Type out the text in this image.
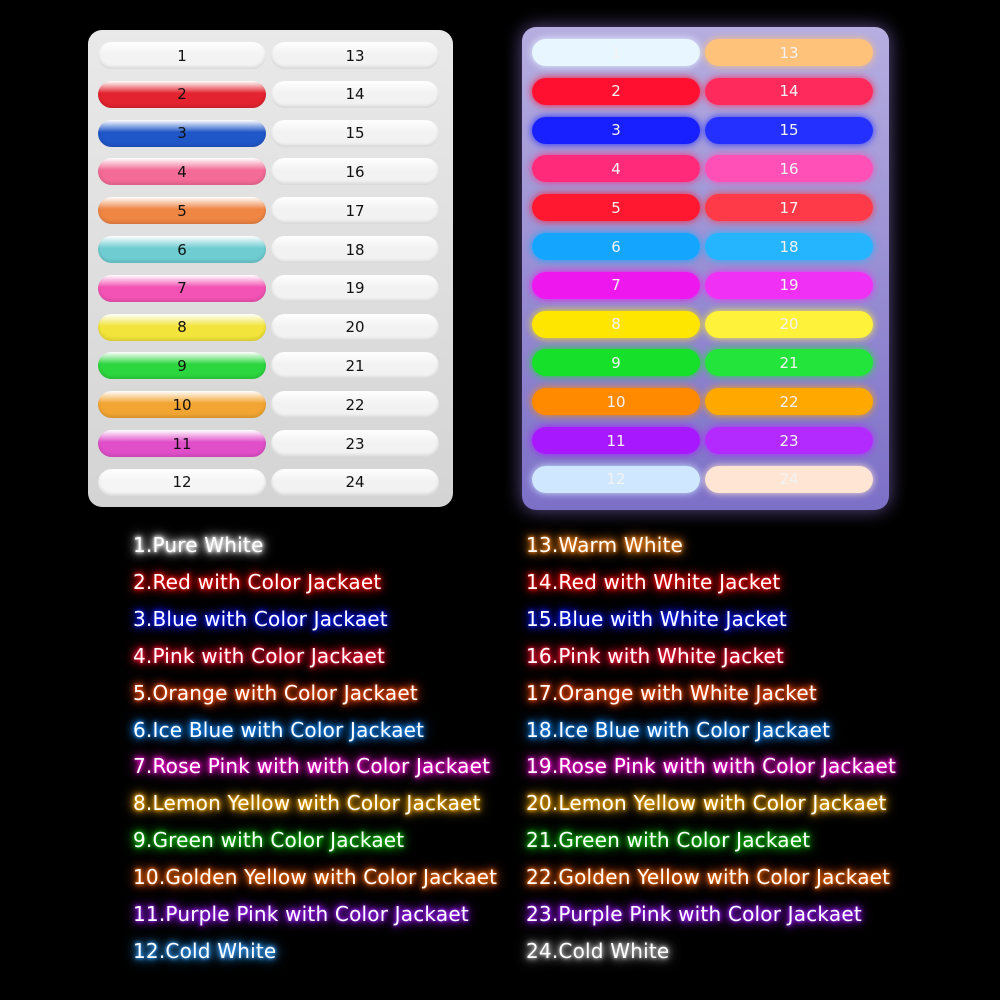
1
2
3
4
5
6
7
8
9
10
11
12
13
14
15
16
17
18
19
20
21
22
23
24
1
2
3
4
5
6
7
8
9
10
11
12
13
14
15
16
17
18
19
20
21
22
23
24
1.Pure White
2.Red with Color Jackaet
3.Blue with Color Jackaet
4.Pink with Color Jackaet
5.Orange with Color Jackaet
6.Ice Blue with Color Jackaet
7.Rose Pink with with Color Jackaet
8.Lemon Yellow with Color Jackaet
9.Green with Color Jackaet
10.Golden Yellow with Color Jackaet
11.Purple Pink with Color Jackaet
12.Cold White
13.Warm White
14.Red with White Jacket
15.Blue with White Jacket
16.Pink with White Jacket
17.Orange with White Jacket
18.Ice Blue with Color Jackaet
19.Rose Pink with with Color Jackaet
20.Lemon Yellow with Color Jackaet
21.Green with Color Jackaet
22.Golden Yellow with Color Jackaet
23.Purple Pink with Color Jackaet
24.Cold White
